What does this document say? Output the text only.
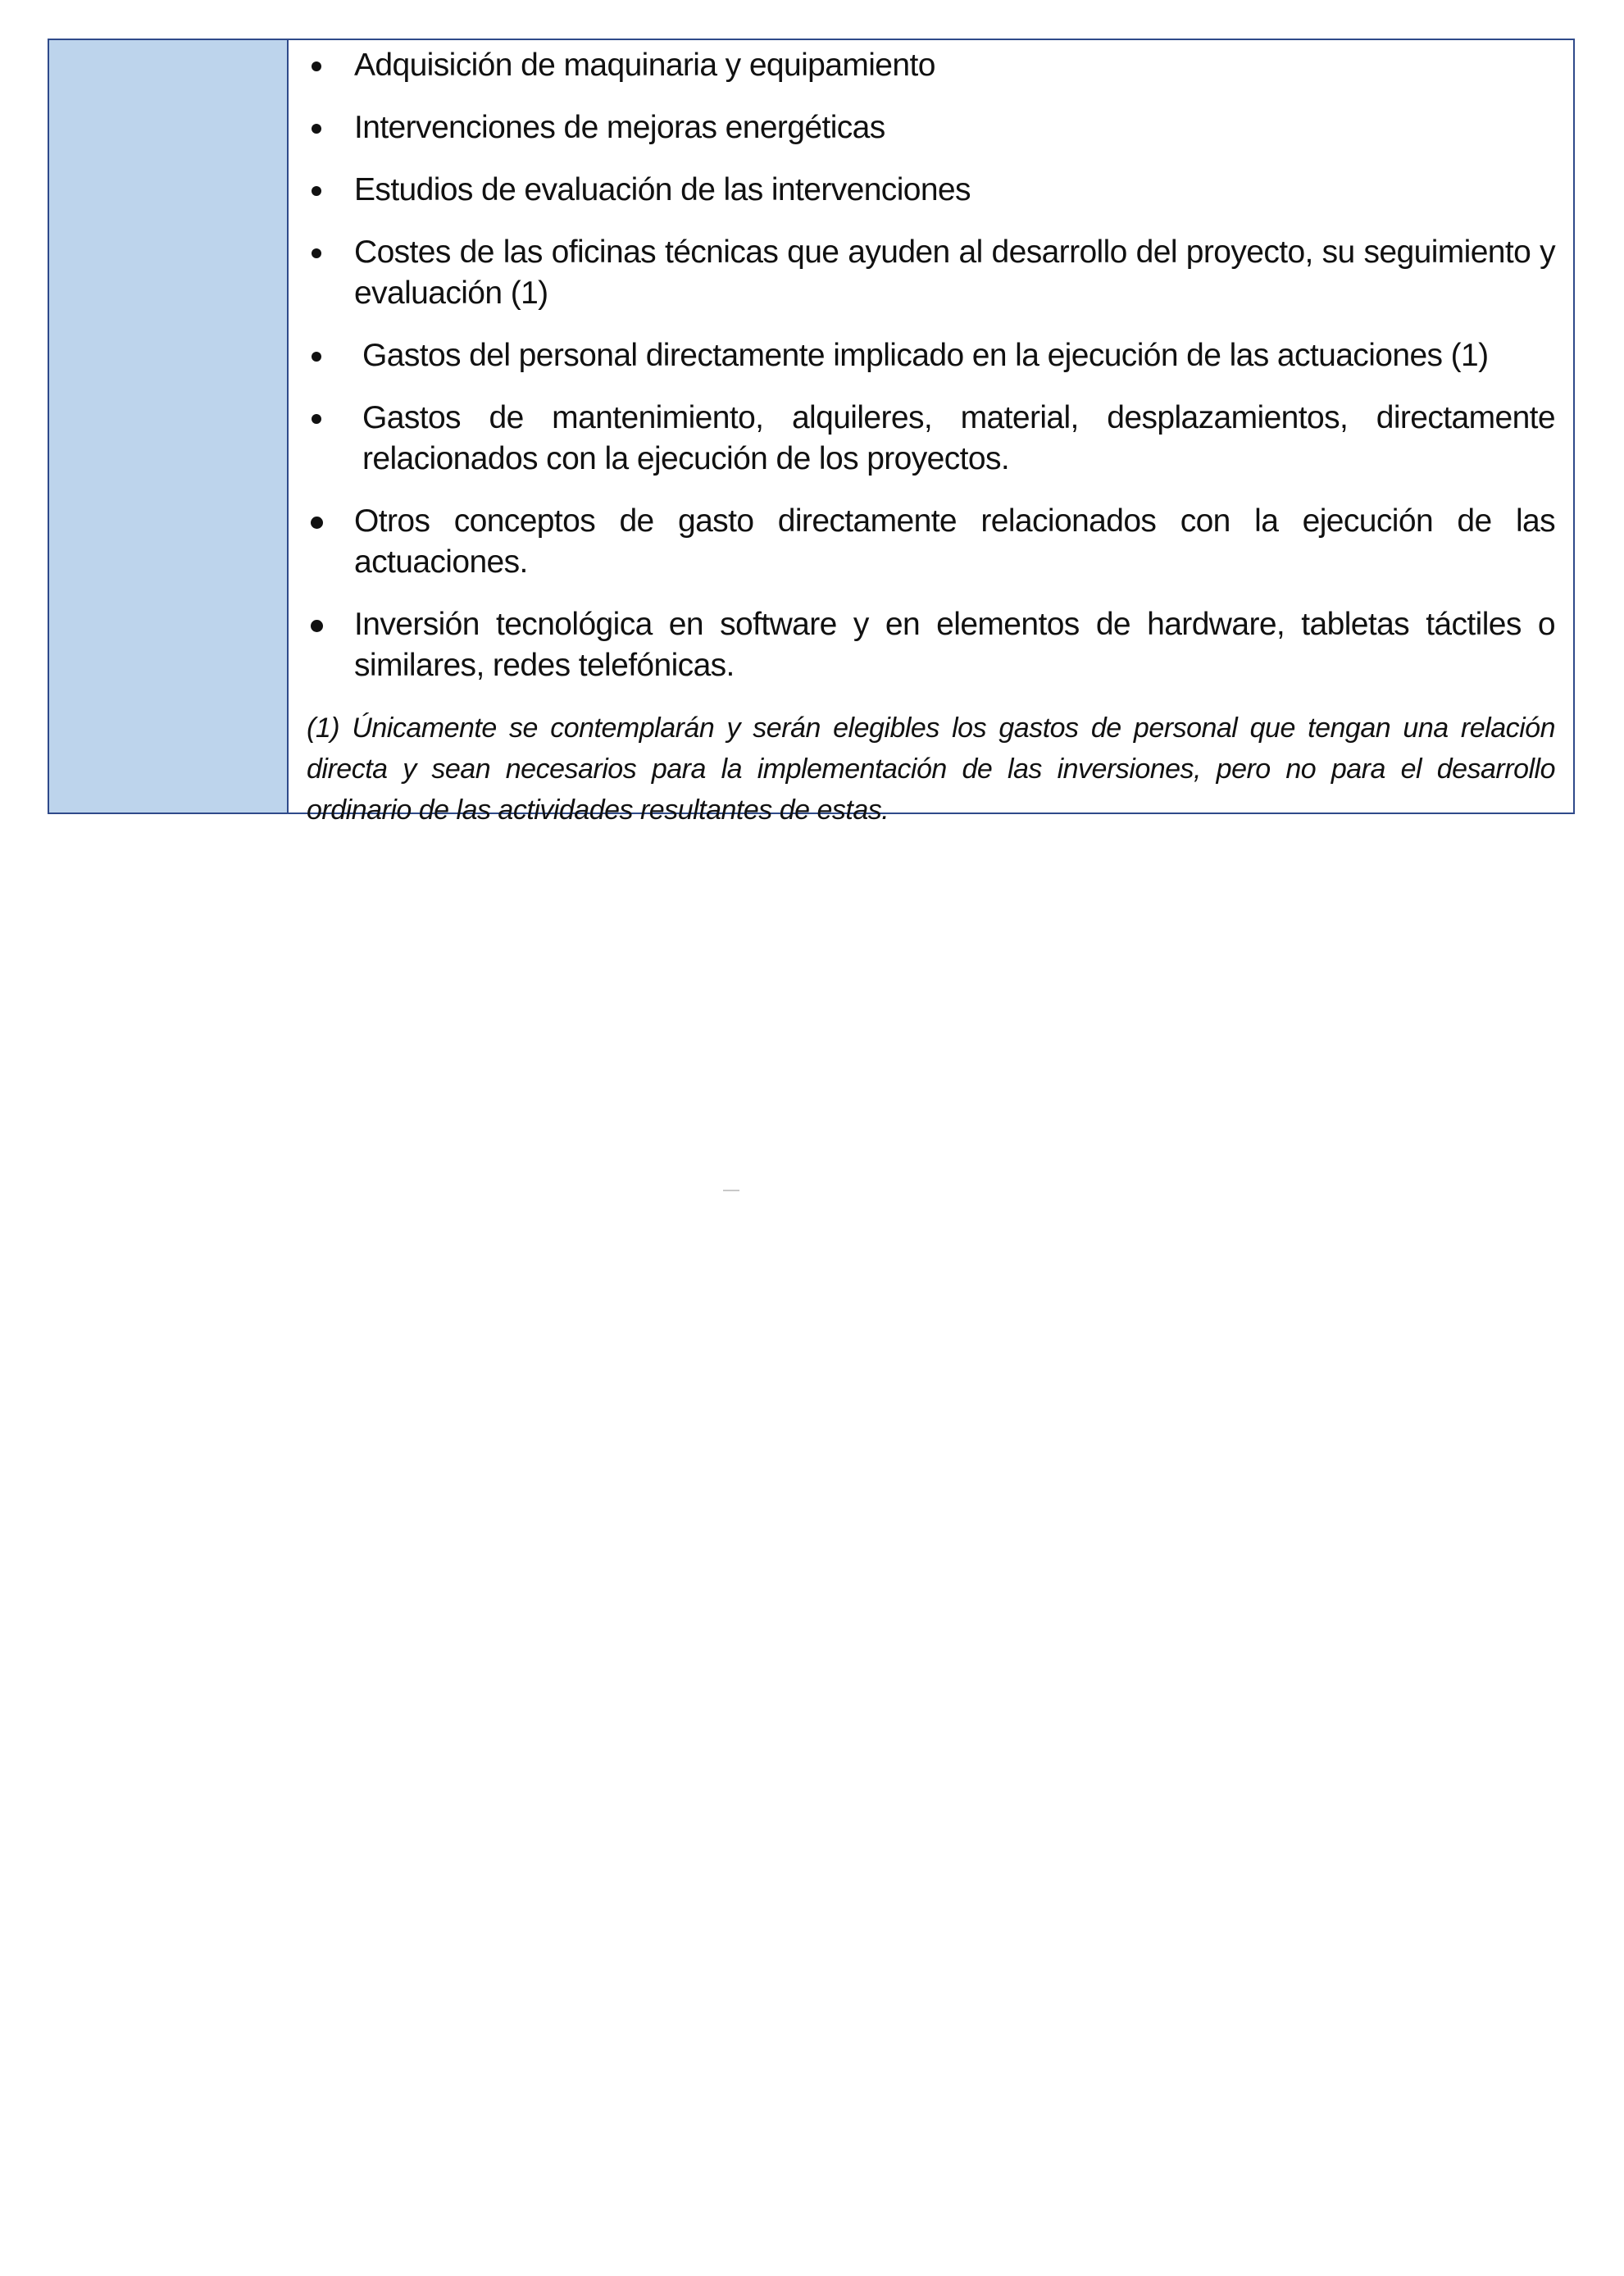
Adquisición de maquinaria y equipamiento
Intervenciones de mejoras energéticas
Estudios de evaluación de las intervenciones
Costes de las oficinas técnicas que ayuden al desarrollo del proyecto, su seguimiento y evaluación (1)
Gastos del personal directamente implicado en la ejecución de las actuaciones (1)
Gastos de mantenimiento, alquileres, material, desplazamientos, directamente relacionados con la ejecución de los proyectos.
Otros conceptos de gasto directamente relacionados con la ejecución de las actuaciones.
Inversión tecnológica en software y en elementos de hardware, tabletas táctiles o similares, redes telefónicas.

(1) Únicamente se contemplarán y serán elegibles los gastos de personal que tengan una relación directa y sean necesarios para la implementación de las inversiones, pero no para el desarrollo ordinario de las actividades resultantes de estas.
